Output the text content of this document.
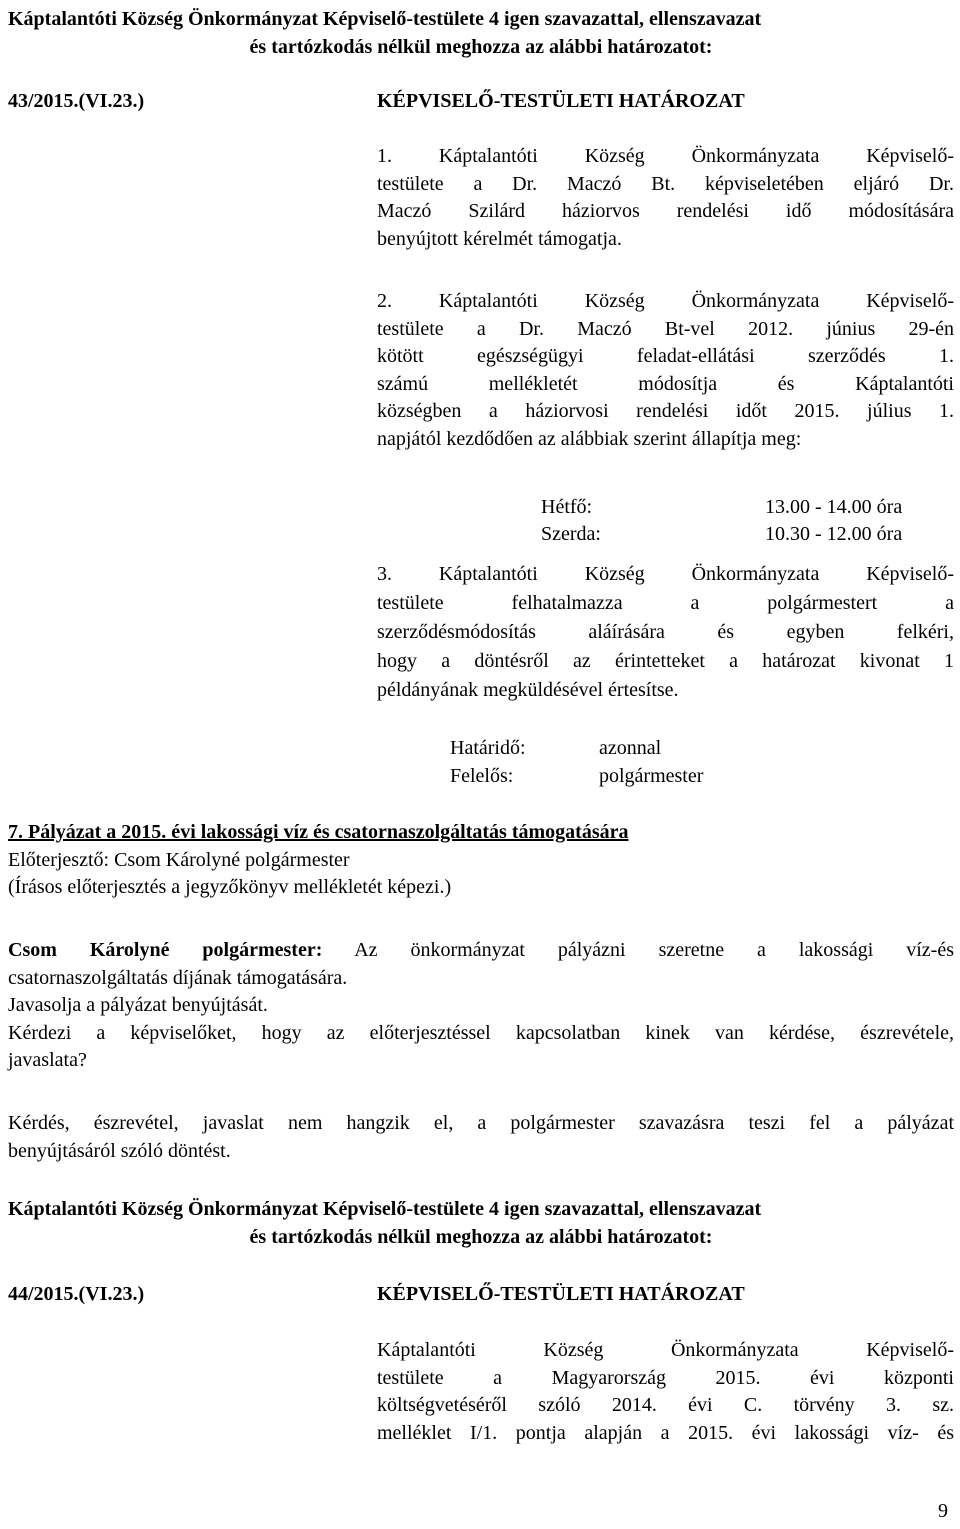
Káptalantóti Község Önkormányzat Képviselő-testülete 4 igen szavazattal, ellenszavazat
és tartózkodás nélkül meghozza az alábbi határozatot:
43/2015.(VI.23.)	KÉPVISELŐ-TESTÜLETI HATÁROZAT
1. Káptalantóti Község Önkormányzata Képviselő-
testülete a Dr. Maczó Bt. képviseletében eljáró Dr.
Maczó Szilárd háziorvos rendelési idő módosítására
benyújtott kérelmét támogatja.
2. Káptalantóti Község Önkormányzata Képviselő-
testülete a Dr. Maczó Bt-vel 2012. június 29-én
kötött egészségügyi feladat-ellátási szerződés 1.
számú mellékletét módosítja és Káptalantóti
községben a háziorvosi rendelési időt 2015. július 1.
napjától kezdődően az alábbiak szerint állapítja meg:
Hétfő:	13.00 - 14.00 óra
Szerda:	10.30 - 12.00 óra
3. Káptalantóti Község Önkormányzata Képviselő-
testülete felhatalmazza a polgármestert a
szerződésmódosítás aláírására és egyben felkéri,
hogy a döntésről az érintetteket a határozat kivonat 1
példányának megküldésével értesítse.
Határidő:	azonnal
Felelős:	polgármester
7. Pályázat a 2015. évi lakossági víz és csatornaszolgáltatás támogatására
Előterjesztő: Csom Károlyné polgármester
(Írásos előterjesztés a jegyzőkönyv mellékletét képezi.)
Csom Károlyné polgármester: Az önkormányzat pályázni szeretne a lakossági víz-és
csatornaszolgáltatás díjának támogatására.
Javasolja a pályázat benyújtását.
Kérdezi a képviselőket, hogy az előterjesztéssel kapcsolatban kinek van kérdése, észrevétele,
javaslata?
Kérdés, észrevétel, javaslat nem hangzik el, a polgármester szavazásra teszi fel a pályázat
benyújtásáról szóló döntést.
Káptalantóti Község Önkormányzat Képviselő-testülete 4 igen szavazattal, ellenszavazat
és tartózkodás nélkül meghozza az alábbi határozatot:
44/2015.(VI.23.)	KÉPVISELŐ-TESTÜLETI HATÁROZAT
Káptalantóti Község Önkormányzata Képviselő-
testülete a Magyarország 2015. évi központi
költségvetéséről szóló 2014. évi C. törvény 3. sz.
melléklet I/1. pontja alapján a 2015. évi lakossági víz- és
9
